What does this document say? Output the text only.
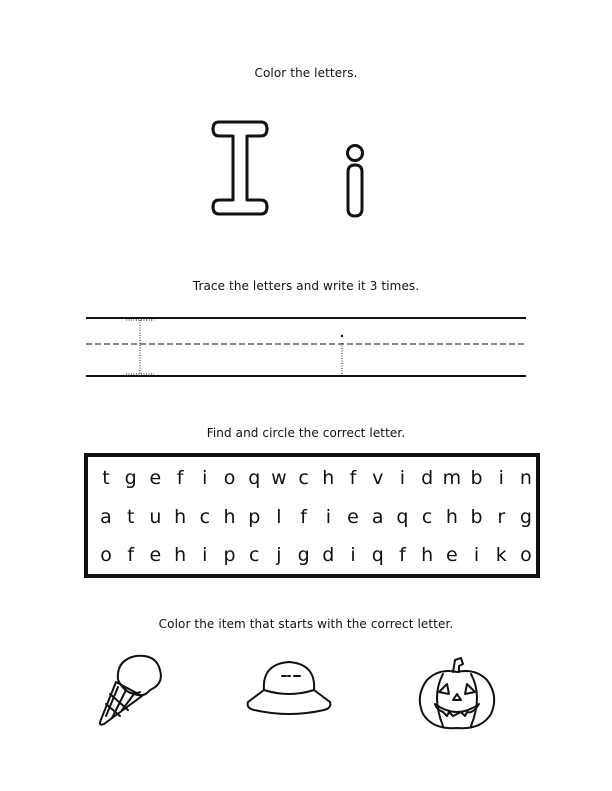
Color the letters.
Trace the letters and write it 3 times.
Find and circle the correct letter.
Color the item that starts with the correct letter.
t g e f i o q w c h f v i d m b i n
a t u h c h p l f i e a q c h b r g
o f e h i p c j g d i q f h e i k o
